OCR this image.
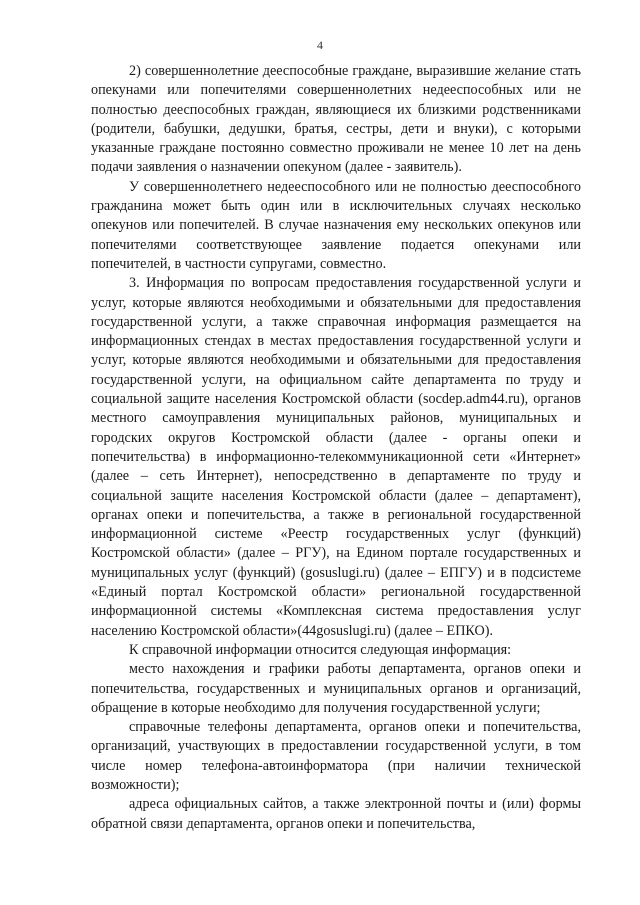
4

2) совершеннолетние дееспособные граждане, выразившие желание стать опекунами или попечителями совершеннолетних недееспособных или не полностью дееспособных граждан, являющиеся их близкими родственниками (родители, бабушки, дедушки, братья, сестры, дети и внуки), с которыми указанные граждане постоянно совместно проживали не менее 10 лет на день подачи заявления о назначении опекуном (далее - заявитель).

У совершеннолетнего недееспособного или не полностью дееспособного гражданина может быть один или в исключительных случаях несколько опекунов или попечителей. В случае назначения ему нескольких опекунов или попечителями соответствующее заявление подается опекунами или попечителей, в частности супругами, совместно.

3. Информация по вопросам предоставления государственной услуги и услуг, которые являются необходимыми и обязательными для предоставления государственной услуги, а также справочная информация размещается на информационных стендах в местах предоставления государственной услуги и услуг, которые являются необходимыми и обязательными для предоставления государственной услуги, на официальном сайте департамента по труду и социальной защите населения Костромской области (socdep.adm44.ru), органов местного самоуправления муниципальных районов, муниципальных и городских округов Костромской области (далее - органы опеки и попечительства) в информационно-телекоммуникационной сети «Интернет» (далее – сеть Интернет), непосредственно в департаменте по труду и социальной защите населения Костромской области (далее – департамент), органах опеки и попечительства, а также в региональной государственной информационной системе «Реестр государственных услуг (функций) Костромской области» (далее – РГУ), на Едином портале государственных и муниципальных услуг (функций) (gosuslugi.ru) (далее – ЕПГУ) и в подсистеме «Единый портал Костромской области» региональной государственной информационной системы «Комплексная система предоставления услуг населению Костромской области»(44gosuslugi.ru) (далее – ЕПКО).

К справочной информации относится следующая информация:

место нахождения и графики работы департамента, органов опеки и попечительства, государственных и муниципальных органов и организаций, обращение в которые необходимо для получения государственной услуги;

справочные телефоны департамента, органов опеки и попечительства, организаций, участвующих в предоставлении государственной услуги, в том числе номер телефона-автоинформатора (при наличии технической возможности);

адреса официальных сайтов, а также электронной почты и (или) формы обратной связи департамента, органов опеки и попечительства,
